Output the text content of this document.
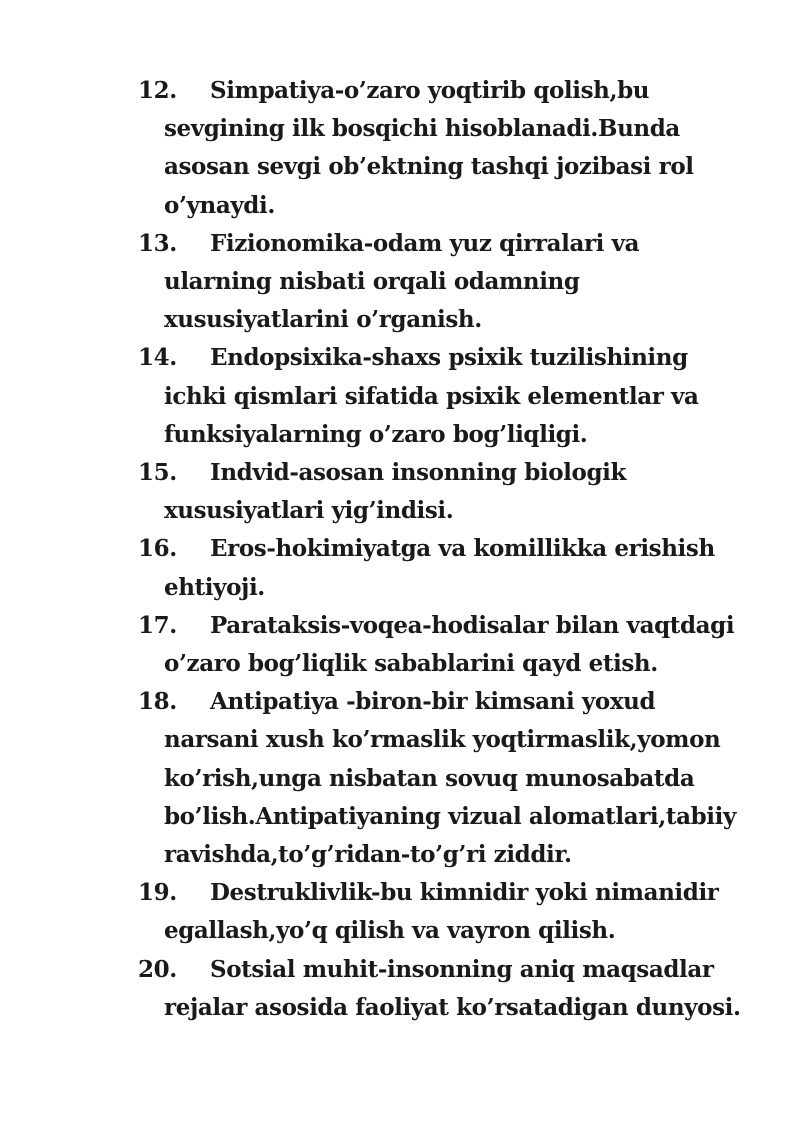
12.	Simpatiya-o’zaro yoqtirib qolish,bu
sevgining ilk bosqichi hisoblanadi.Bunda
asosan sevgi ob’ektning tashqi jozibasi rol
o’ynaydi.
13.	Fizionomika-odam yuz qirralari va
ularning nisbati orqali odamning
xususiyatlarini o’rganish.
14.	Endopsixika-shaxs psixik tuzilishining
ichki qismlari sifatida psixik elementlar va
funksiyalarning o’zaro bog’liqligi.
15.	Indvid-asosan insonning biologik
xususiyatlari yig’indisi.
16.	Eros-hokimiyatga va komillikka erishish
ehtiyoji.
17.	Parataksis-voqea-hodisalar bilan vaqtdagi
o’zaro bog’liqlik sabablarini qayd etish.
18.	Antipatiya -biron-bir kimsani yoxud
narsani xush ko’rmaslik yoqtirmaslik,yomon
ko’rish,unga nisbatan sovuq munosabatda
bo’lish.Antipatiyaning vizual alomatlari,tabiiy
ravishda,to’g’ridan-to’g’ri ziddir.
19.	Destruklivlik-bu kimnidir yoki nimanidir
egallash,yo’q qilish va vayron qilish.
20.	Sotsial muhit-insonning aniq maqsadlar
rejalar asosida faoliyat ko’rsatadigan dunyosi.
